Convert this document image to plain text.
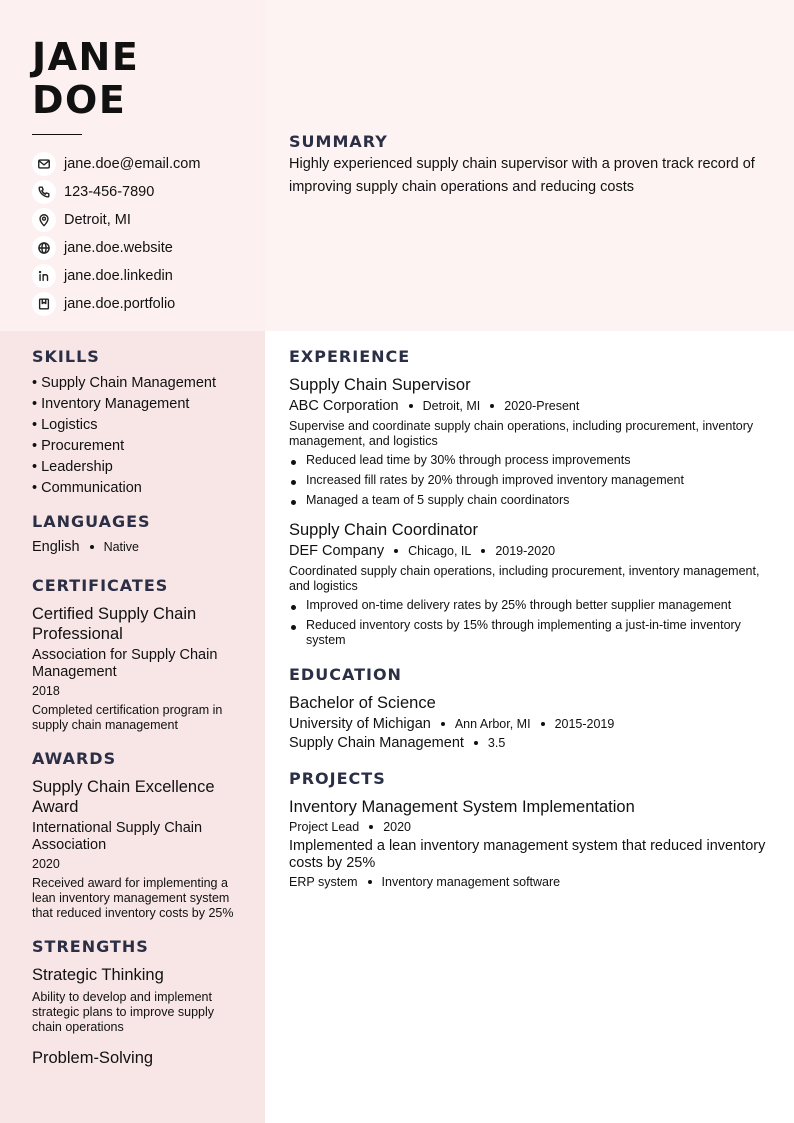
JANE
DOE
jane.doe@email.com
123-456-7890
Detroit, MI
jane.doe.website
jane.doe.linkedin
jane.doe.portfolio
SUMMARY

Highly experienced supply chain supervisor with a proven track record of improving supply chain operations and reducing costs

SKILLS
• Supply Chain Management
• Inventory Management
• Logistics
• Procurement
• Leadership
• Communication
LANGUAGES
English Native
CERTIFICATES
Certified Supply Chain Professional
Association for Supply Chain Management
2018
Completed certification program in supply chain management
AWARDS
Supply Chain Excellence Award
International Supply Chain Association
2020
Received award for implementing a lean inventory management system that reduced inventory costs by 25%
STRENGTHS
Strategic Thinking
Ability to develop and implement strategic plans to improve supply chain operations
Problem-Solving
EXPERIENCE
Supply Chain Supervisor
ABC Corporation Detroit, MI 2020-Present
Supervise and coordinate supply chain operations, including procurement, inventory management, and logistics
Reduced lead time by 30% through process improvements
Increased fill rates by 20% through improved inventory management
Managed a team of 5 supply chain coordinators
Supply Chain Coordinator
DEF Company Chicago, IL 2019-2020
Coordinated supply chain operations, including procurement, inventory management, and logistics
Improved on-time delivery rates by 25% through better supplier management
Reduced inventory costs by 15% through implementing a just-in-time inventory system
EDUCATION
Bachelor of Science
University of Michigan Ann Arbor, MI 2015-2019
Supply Chain Management 3.5
PROJECTS
Inventory Management System Implementation
Project Lead 2020
Implemented a lean inventory management system that reduced inventory costs by 25%
ERP system Inventory management software
